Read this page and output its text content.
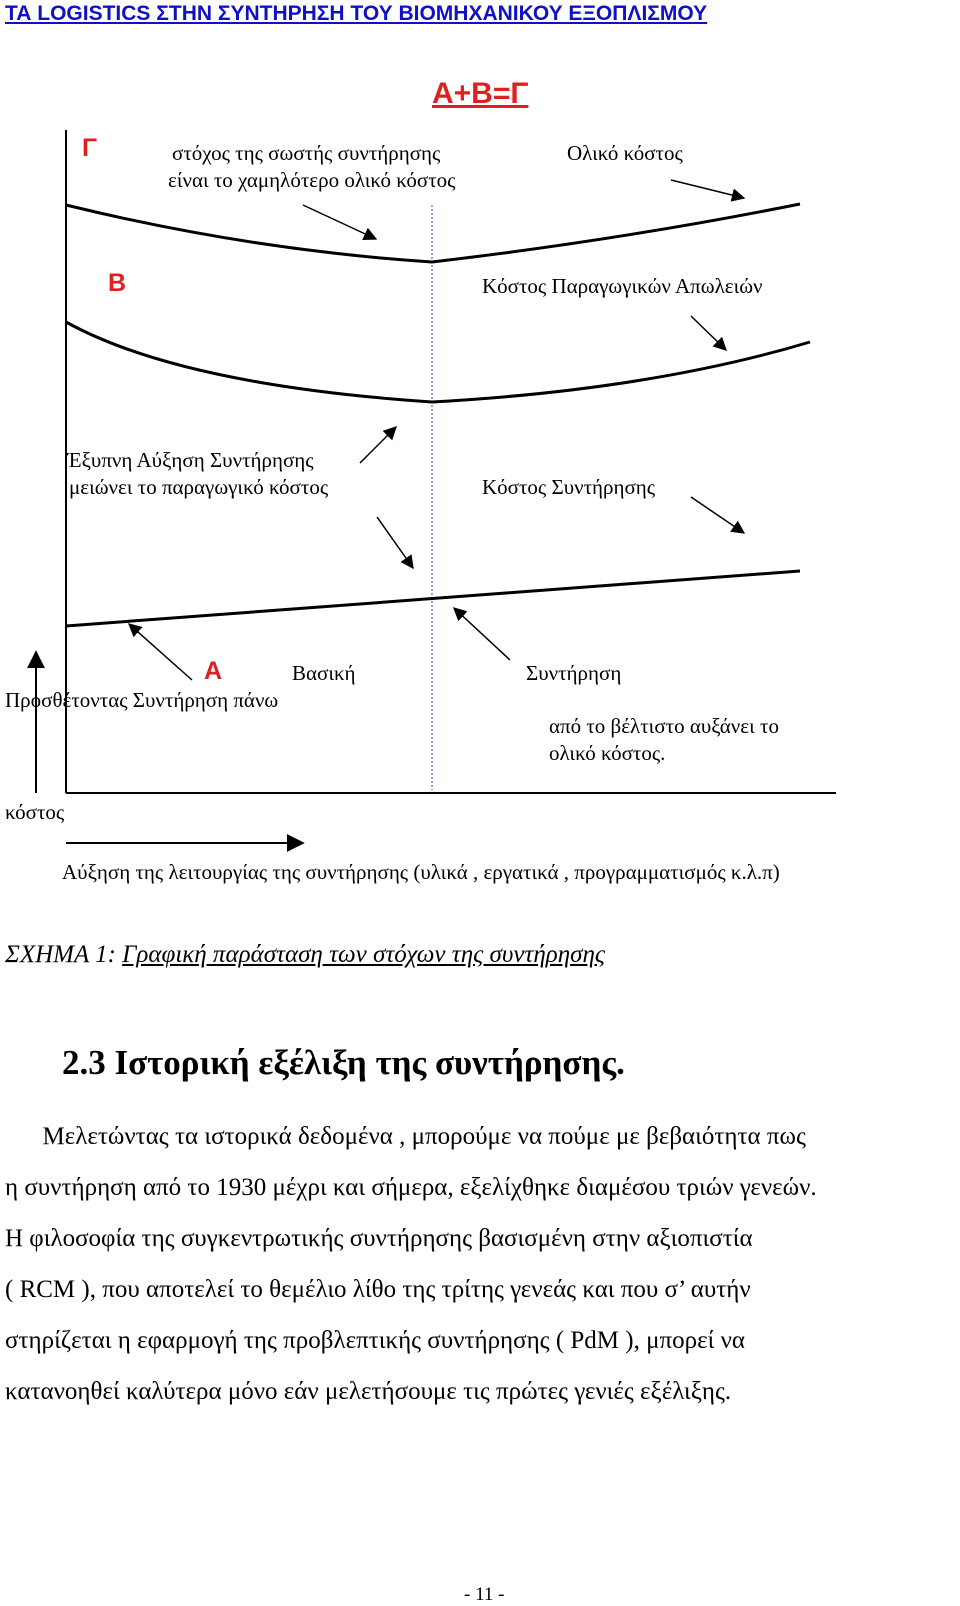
ΤΑ LOGISTICS ΣΤΗΝ ΣΥΝΤΗΡΗΣΗ ΤΟΥ ΒΙΟΜΗΧΑΝΙΚΟΥ ΕΞΟΠΛΙΣΜΟΥ
Α+Β=Γ
Γ
Β
Α
στόχος της σωστής συντήρησης
είναι το χαμηλότερο ολικό κόστος
Ολικό κόστος
Κόστος Παραγωγικών Απωλειών
Έξυπνη Αύξηση Συντήρησης
μειώνει το παραγωγικό κόστος	Κόστος Συντήρησης
Βασική
Προσθέτοντας Συντήρηση πάνω
Συντήρηση
από το βέλτιστο αυξάνει το
ολικό κόστος.
κόστος
Αύξηση της λειτουργίας της συντήρησης (υλικά , εργατικά , προγραμματισμός κ.λ.π)
ΣΧΗΜΑ 1: Γραφική παράσταση των στόχων της συντήρησης
2.3 Ιστορική εξέλιξη της συντήρησης.

Μελετώντας τα ιστορικά δεδομένα , μπορούμε να πούμε με βεβαιότητα πως
η συντήρηση από το 1930 μέχρι και σήμερα, εξελίχθηκε διαμέσου τριών γενεών.
Η φιλοσοφία της συγκεντρωτικής συντήρησης βασισμένη στην αξιοπιστία
( RCM ), που αποτελεί το θεμέλιο λίθο της τρίτης γενεάς και που σ’ αυτήν
στηρίζεται η εφαρμογή της προβλεπτικής συντήρησης ( PdM ), μπορεί να
κατανοηθεί καλύτερα μόνο εάν μελετήσουμε τις πρώτες γενιές εξέλιξης.

- 11 -
